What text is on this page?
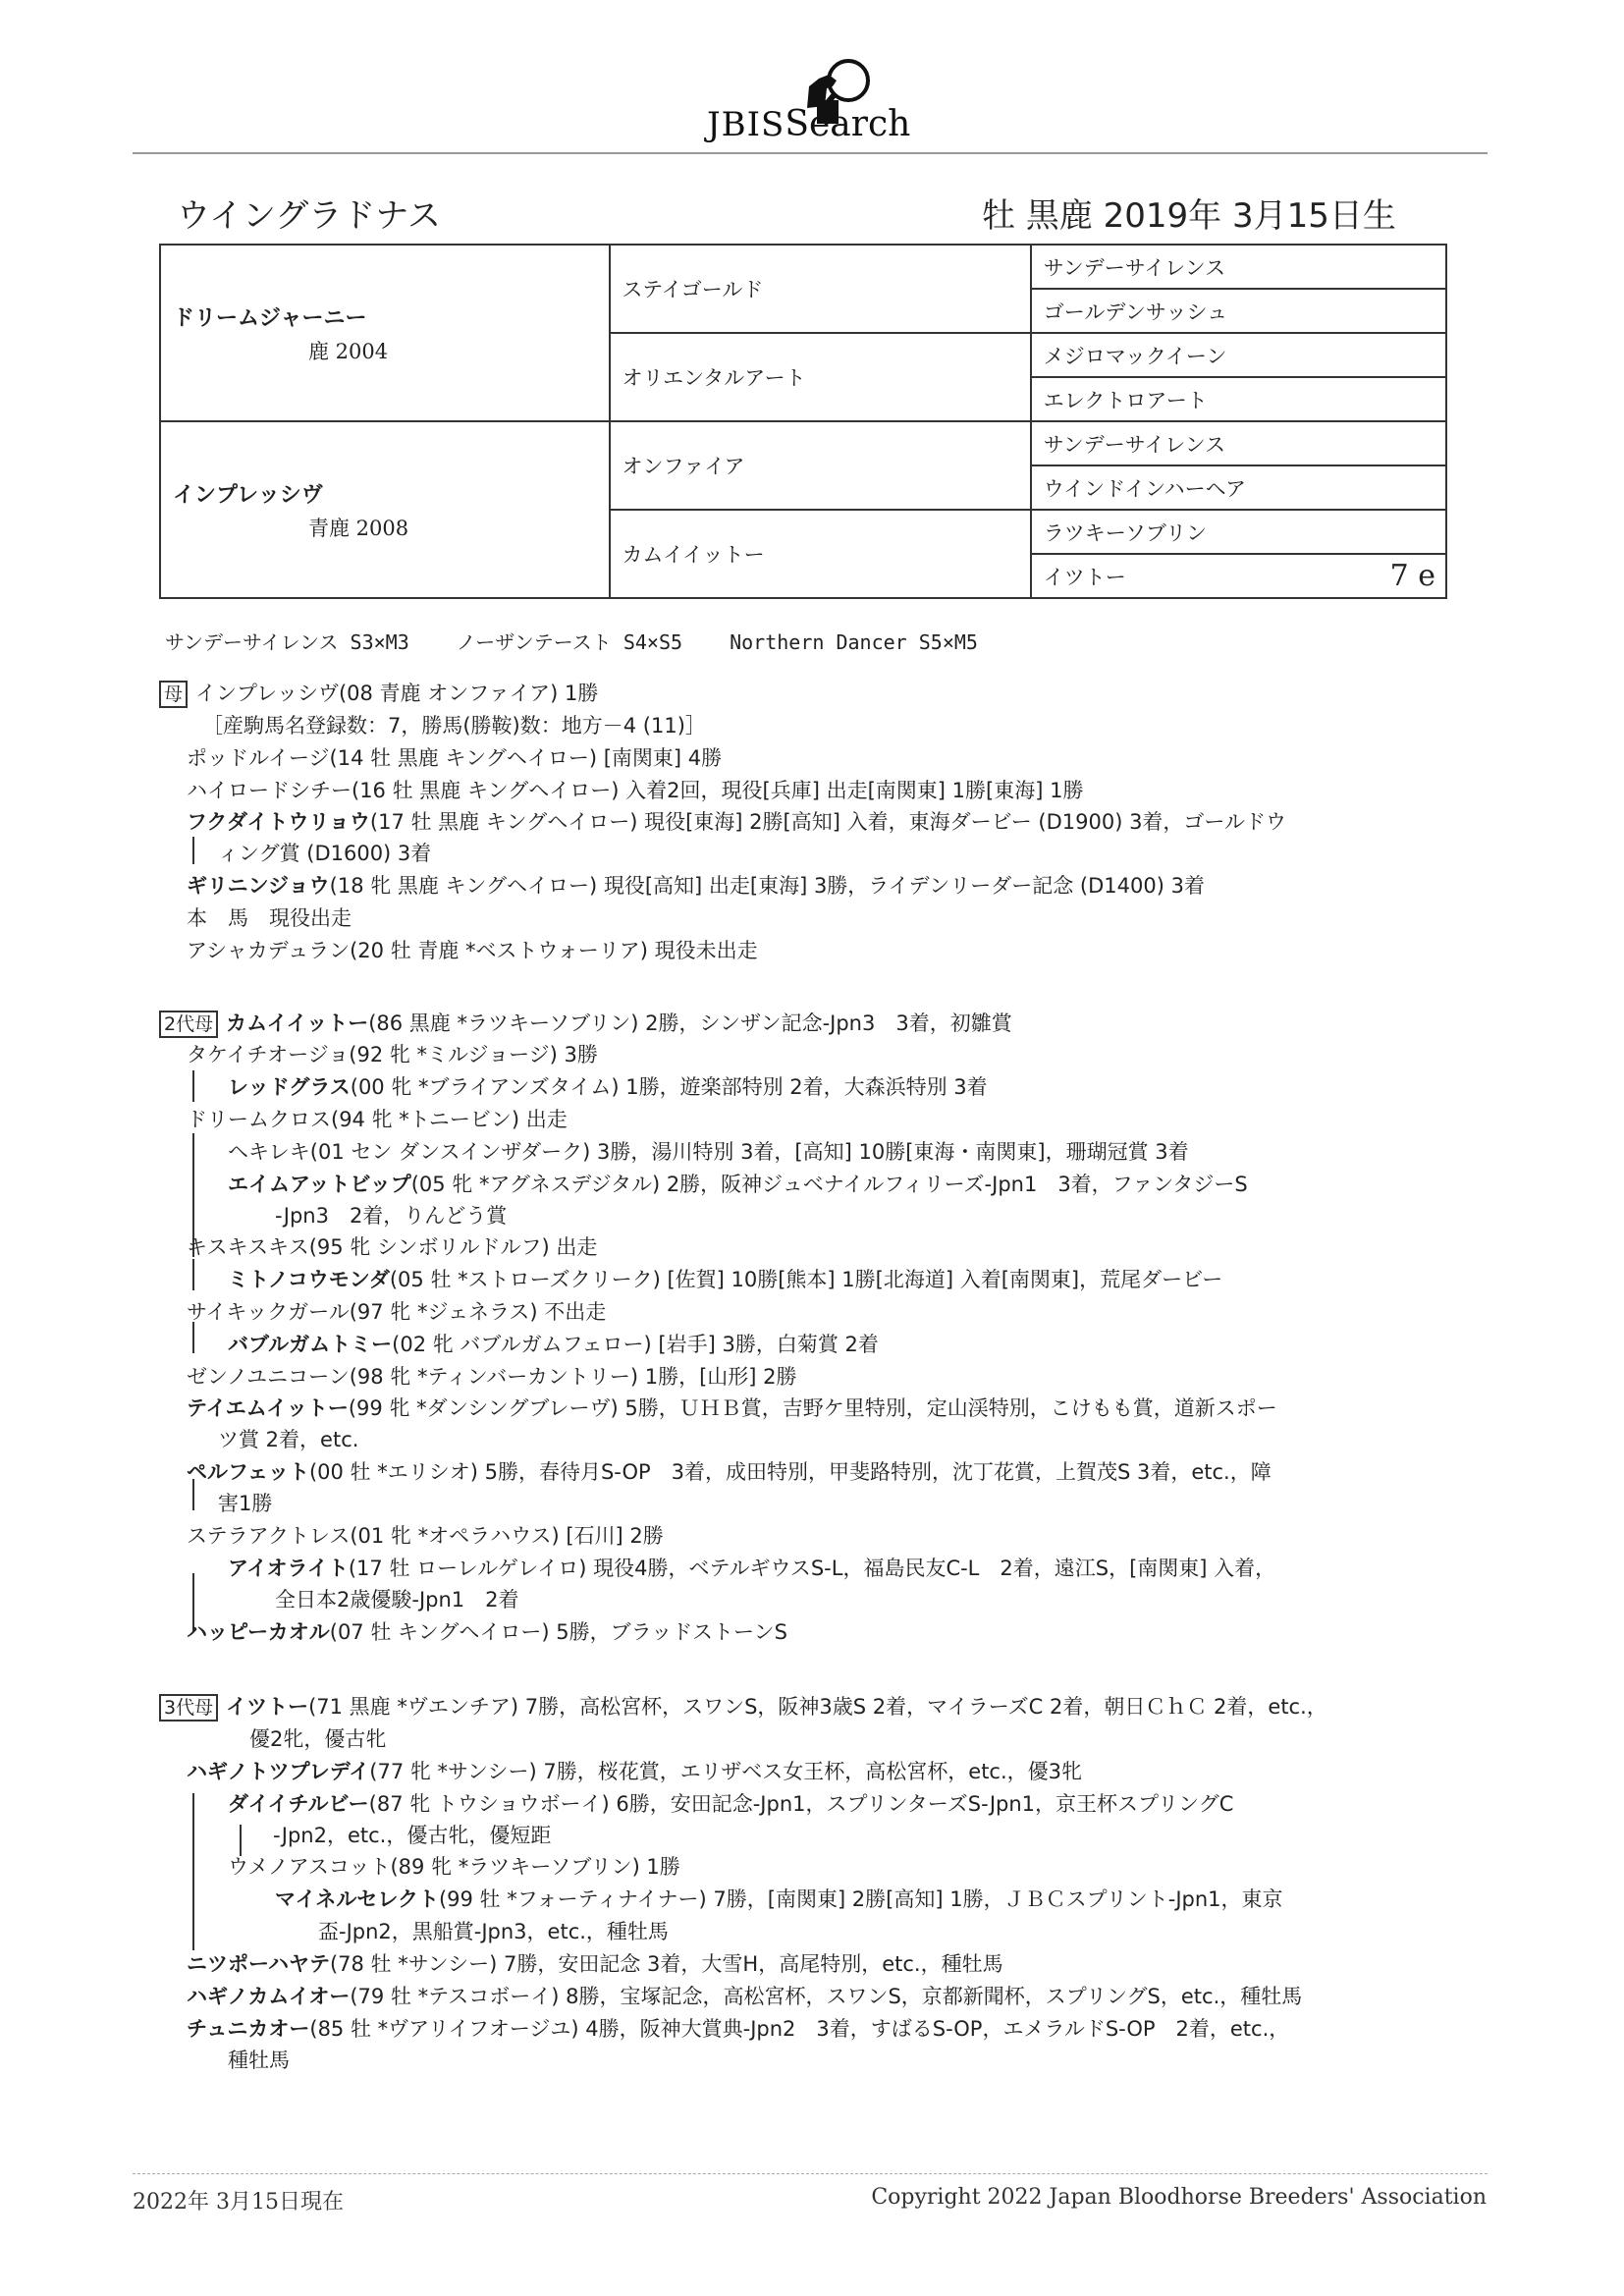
JBISSearch
ウイングラドナス	牡 黒鹿 2019年 3月15日生
ドリームジャーニー
鹿 2004	ステイゴールド	サンデーサイレンス
		ゴールデンサッシュ
	オリエンタルアート	メジロマックイーン
		エレクトロアート

インプレッシヴ
青鹿 2008	オンファイア	サンデーサイレンス
		ウインドインハーヘア
	カムイイットー	ラツキーソブリン
		イツトー 7 e
サンデーサイレンス S3×M3 ノーザンテースト S4×S5 Northern Dancer S5×M5
母 インプレッシヴ(08 青鹿 オンファイア) 1勝
［産駒馬名登録数：7，勝馬(勝鞍)数：地方－4 (11)］
ポッドルイージ(14 牡 黒鹿 キングヘイロー) [南関東] 4勝
ハイロードシチー(16 牡 黒鹿 キングヘイロー) 入着2回，現役[兵庫] 出走[南関東] 1勝[東海] 1勝
フクダイトウリョウ(17 牡 黒鹿 キングヘイロー) 現役[東海] 2勝[高知] 入着，東海ダービー (D1900) 3着，ゴールドウ
ィング賞 (D1600) 3着
ギリニンジョウ(18 牝 黒鹿 キングヘイロー) 現役[高知] 出走[東海] 3勝，ライデンリーダー記念 (D1400) 3着
本　馬　現役出走
アシャカデュラン(20 牡 青鹿 *ベストウォーリア) 現役未出走
2代母 カムイイットー(86 黒鹿 *ラツキーソブリン) 2勝，シンザン記念-Jpn3　3着，初雛賞
タケイチオージョ(92 牝 *ミルジョージ) 3勝
レッドグラス(00 牝 *ブライアンズタイム) 1勝，遊楽部特別 2着，大森浜特別 3着
ドリームクロス(94 牝 *トニービン) 出走
ヘキレキ(01 セン ダンスインザダーク) 3勝，湯川特別 3着，[高知] 10勝[東海・南関東]，珊瑚冠賞 3着
エイムアットビップ(05 牝 *アグネスデジタル) 2勝，阪神ジュベナイルフィリーズ-Jpn1　3着，ファンタジーS
-Jpn3　2着，りんどう賞
キスキスキス(95 牝 シンボリルドルフ) 出走
ミトノコウモンダ(05 牡 *ストローズクリーク) [佐賀] 10勝[熊本] 1勝[北海道] 入着[南関東]，荒尾ダービー
サイキックガール(97 牝 *ジェネラス) 不出走
バブルガムトミー(02 牝 バブルガムフェロー) [岩手] 3勝，白菊賞 2着
ゼンノユニコーン(98 牝 *ティンバーカントリー) 1勝，[山形] 2勝
テイエムイットー(99 牝 *ダンシングブレーヴ) 5勝，ＵＨＢ賞，吉野ケ里特別，定山渓特別，こけもも賞，道新スポー
ツ賞 2着，etc.
ペルフェット(00 牡 *エリシオ) 5勝，春待月S-OP　3着，成田特別，甲斐路特別，沈丁花賞，上賀茂S 3着，etc.，障
害1勝
ステラアクトレス(01 牝 *オペラハウス) [石川] 2勝
アイオライト(17 牡 ローレルゲレイロ) 現役4勝，ベテルギウスS-L，福島民友C-L　2着，遠江S，[南関東] 入着，
全日本2歳優駿-Jpn1　2着
ハッピーカオル(07 牡 キングヘイロー) 5勝，ブラッドストーンS
3代母 イツトー(71 黒鹿 *ヴエンチア) 7勝，高松宮杯，スワンS，阪神3歳S 2着，マイラーズC 2着，朝日ＣｈＣ 2着，etc.，
優2牝，優古牝
ハギノトツプレデイ(77 牝 *サンシー) 7勝，桜花賞，エリザベス女王杯，高松宮杯，etc.，優3牝
ダイイチルビー(87 牝 トウショウボーイ) 6勝，安田記念-Jpn1，スプリンターズS-Jpn1，京王杯スプリングC
-Jpn2，etc.，優古牝，優短距
ウメノアスコット(89 牝 *ラツキーソブリン) 1勝
マイネルセレクト(99 牡 *フォーティナイナー) 7勝，[南関東] 2勝[高知] 1勝，ＪＢＣスプリント-Jpn1，東京
盃-Jpn2，黒船賞-Jpn3，etc.，種牡馬
ニツポーハヤテ(78 牡 *サンシー) 7勝，安田記念 3着，大雪H，高尾特別，etc.，種牡馬
ハギノカムイオー(79 牡 *テスコボーイ) 8勝，宝塚記念，高松宮杯，スワンS，京都新聞杯，スプリングS，etc.，種牡馬
チュニカオー(85 牡 *ヴアリイフオージユ) 4勝，阪神大賞典-Jpn2　3着，すばるS-OP，エメラルドS-OP　2着，etc.，
種牡馬
2022年 3月15日現在	Copyright 2022 Japan Bloodhorse Breeders' Association
